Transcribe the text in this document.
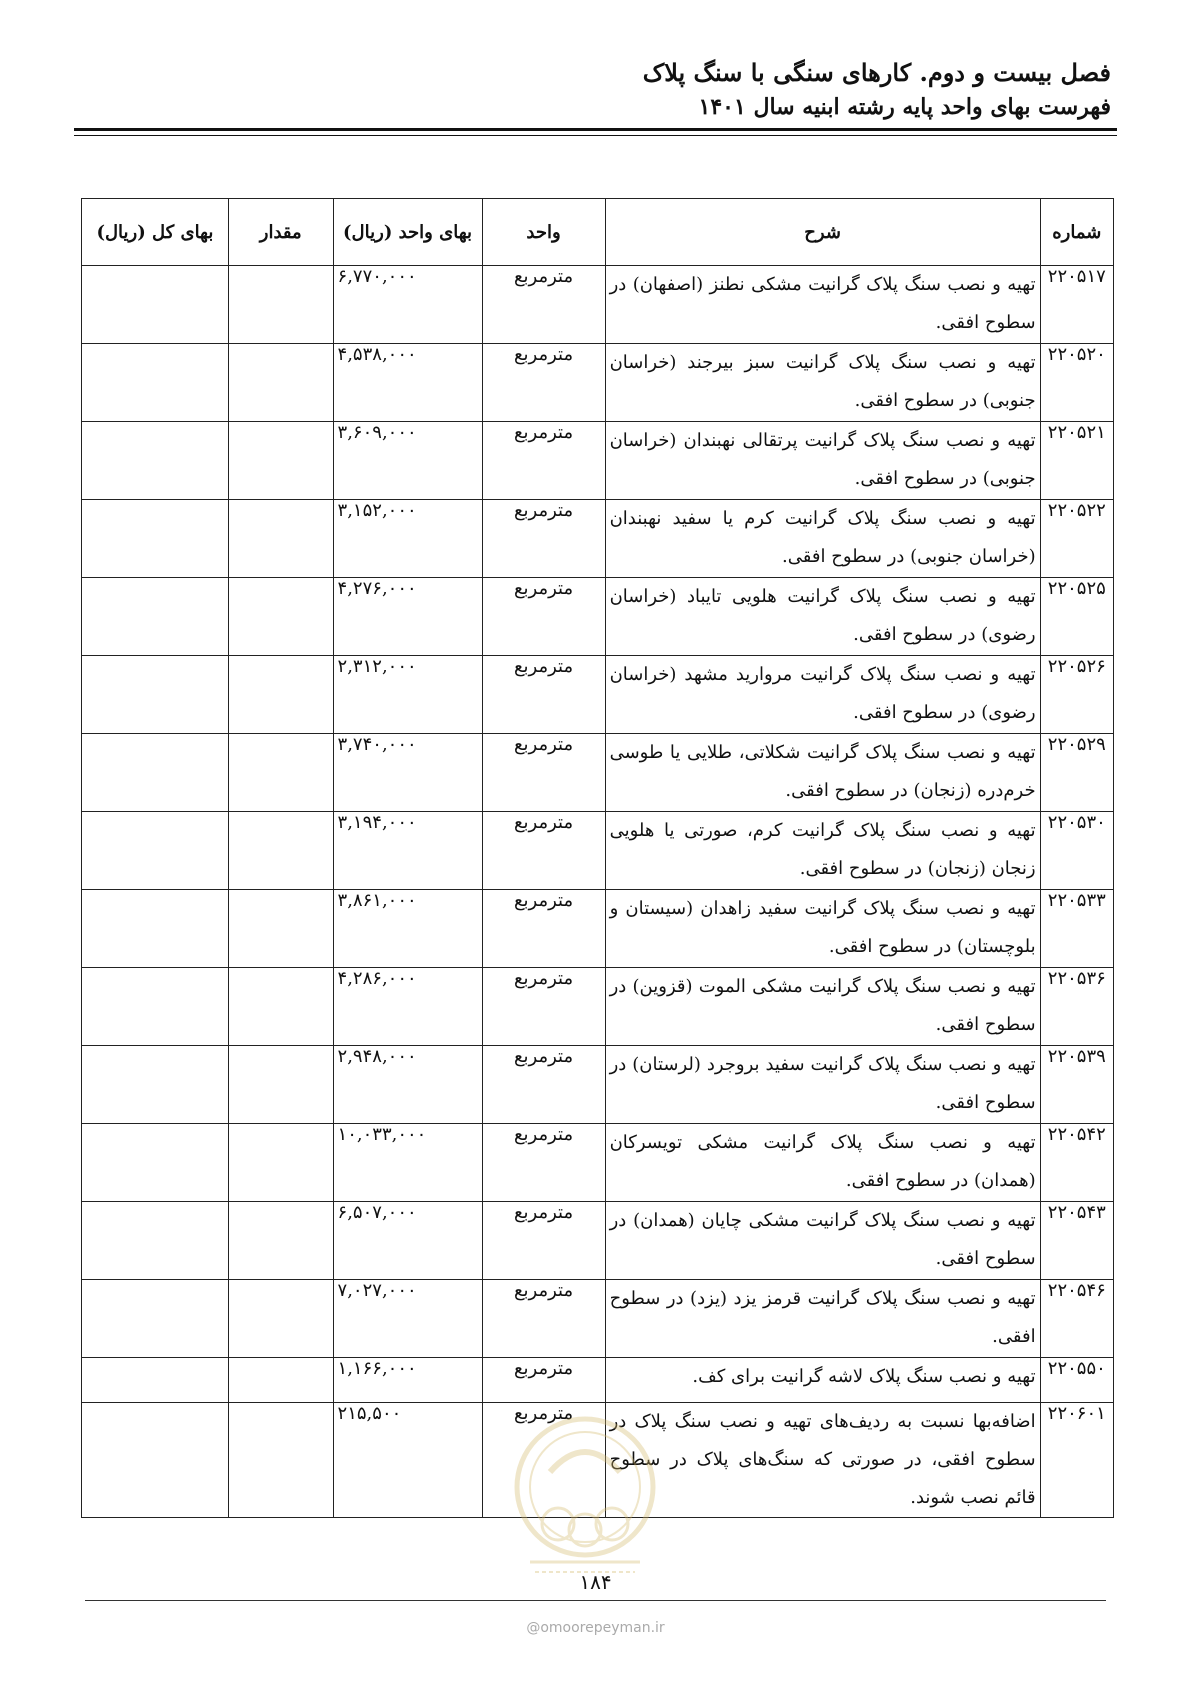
فصل بیست و دوم. کارهای سنگی با سنگ پلاک
فهرست بهای واحد پایه رشته ابنیه سال ۱۴۰۱
شماره	شرح	واحد	بهای واحد (ریال)	مقدار	بهای کل (ریال)
۲۲۰۵۱۷	تهیه و نصب سنگ پلاک گرانیت مشکی نطنز (اصفهان) در سطوح افقی.	مترمربع	۶,۷۷۰,۰۰۰		
۲۲۰۵۲۰	تهیه و نصب سنگ پلاک گرانیت سبز بیرجند (خراسان جنوبی) در سطوح افقی.	مترمربع	۴,۵۳۸,۰۰۰		
۲۲۰۵۲۱	تهیه و نصب سنگ پلاک گرانیت پرتقالی نهبندان (خراسان جنوبی) در سطوح افقی.	مترمربع	۳,۶۰۹,۰۰۰		
۲۲۰۵۲۲	تهیه و نصب سنگ پلاک گرانیت کرم یا سفید نهبندان (خراسان جنوبی) در سطوح افقی.	مترمربع	۳,۱۵۲,۰۰۰		
۲۲۰۵۲۵	تهیه و نصب سنگ پلاک گرانیت هلویی تایباد (خراسان رضوی) در سطوح افقی.	مترمربع	۴,۲۷۶,۰۰۰		
۲۲۰۵۲۶	تهیه و نصب سنگ پلاک گرانیت مروارید مشهد (خراسان رضوی) در سطوح افقی.	مترمربع	۲,۳۱۲,۰۰۰		
۲۲۰۵۲۹	تهیه و نصب سنگ پلاک گرانیت شکلاتی، طلایی یا طوسی خرم‌دره (زنجان) در سطوح افقی.	مترمربع	۳,۷۴۰,۰۰۰		
۲۲۰۵۳۰	تهیه و نصب سنگ پلاک گرانیت کرم، صورتی یا هلویی زنجان (زنجان) در سطوح افقی.	مترمربع	۳,۱۹۴,۰۰۰		
۲۲۰۵۳۳	تهیه و نصب سنگ پلاک گرانیت سفید زاهدان (سیستان و بلوچستان) در سطوح افقی.	مترمربع	۳,۸۶۱,۰۰۰		
۲۲۰۵۳۶	تهیه و نصب سنگ پلاک گرانیت مشکی الموت (قزوین) در سطوح افقی.	مترمربع	۴,۲۸۶,۰۰۰		
۲۲۰۵۳۹	تهیه و نصب سنگ پلاک گرانیت سفید بروجرد (لرستان) در سطوح افقی.	مترمربع	۲,۹۴۸,۰۰۰		
۲۲۰۵۴۲	تهیه و نصب سنگ پلاک گرانیت مشکی تویسرکان (همدان) در سطوح افقی.	مترمربع	۱۰,۰۳۳,۰۰۰		
۲۲۰۵۴۳	تهیه و نصب سنگ پلاک گرانیت مشکی چایان (همدان) در سطوح افقی.	مترمربع	۶,۵۰۷,۰۰۰		
۲۲۰۵۴۶	تهیه و نصب سنگ پلاک گرانیت قرمز یزد (یزد) در سطوح افقی.	مترمربع	۷,۰۲۷,۰۰۰		
۲۲۰۵۵۰	تهیه و نصب سنگ پلاک لاشه گرانیت برای کف.	مترمربع	۱,۱۶۶,۰۰۰		
۲۲۰۶۰۱	اضافه‌بها نسبت به ردیف‌های تهیه و نصب سنگ پلاک در سطوح افقی، در صورتی که سنگ‌های پلاک در سطوح قائم نصب شوند.	مترمربع	۲۱۵,۵۰۰		
۱۸۴
@omoorepeyman.ir
